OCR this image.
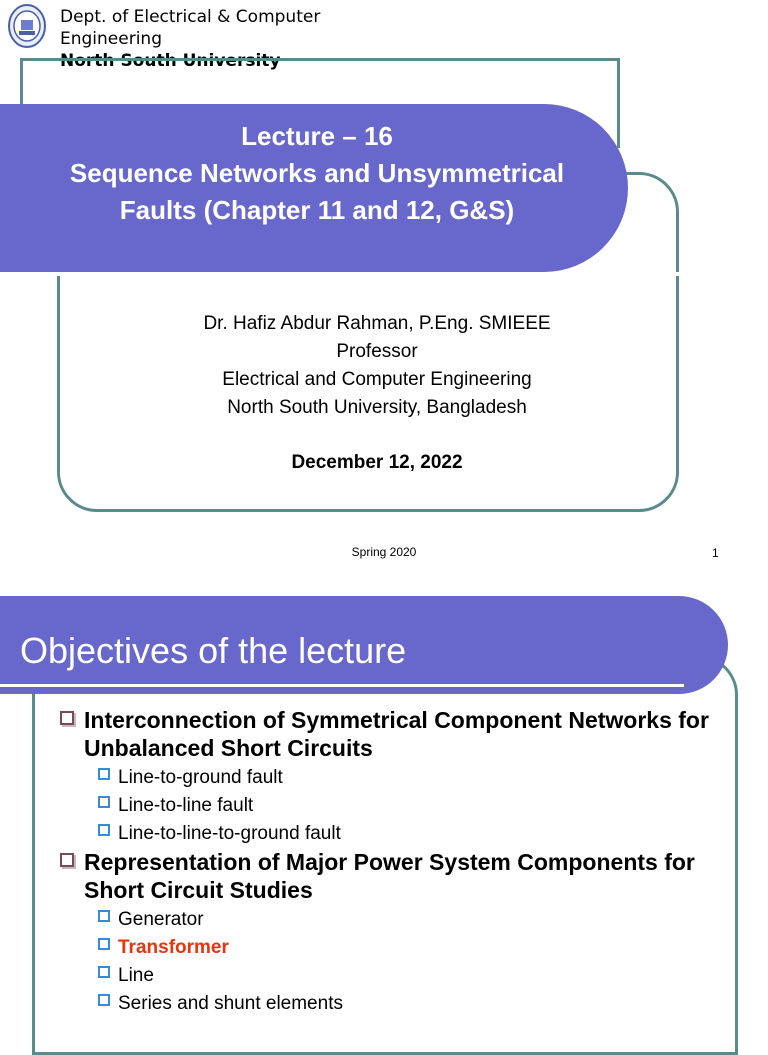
Dept. of Electrical & Computer
Engineering
North South University
Lecture – 16
Sequence Networks and Unsymmetrical
Faults (Chapter 11 and 12, G&S)
Dr. Hafiz Abdur Rahman, P.Eng. SMIEEE
Professor
Electrical and Computer Engineering
North South University, Bangladesh
December 12, 2022
Spring 2020	1
Objectives of the lecture
Interconnection of Symmetrical Component Networks for Unbalanced Short Circuits
Line-to-ground fault
Line-to-line fault
Line-to-line-to-ground fault
Representation of Major Power System Components for Short Circuit Studies
Generator
Transformer
Line
Series and shunt elements
